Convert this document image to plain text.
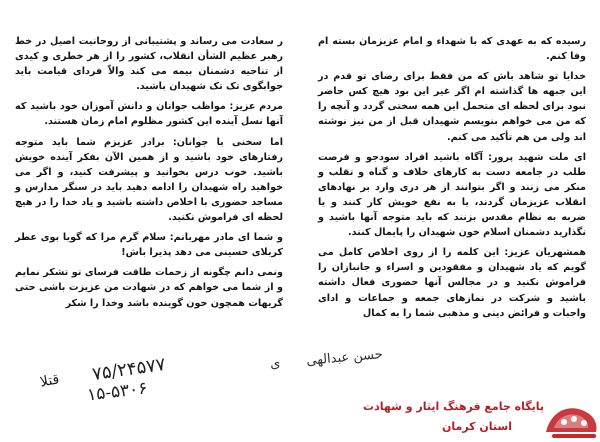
رسیده که به عهدی که با شهداء و امام عزیزمان بسته ام وفا کنم.

خدایا تو شاهد باش که من فقط برای رضای تو قدم در این جبهه ها گذاشته ام اگر غیر این بود هیچ کس حاضر نبود برای لحظه ای متحمل این همه سختی گردد و آنچه را که من می خواهم بنویسم شهیدان قبل از من نیز نوشته اند ولی من هم تأکید می کنم.

ای ملت شهید پرور: آگاه باشید افراد سودجو و فرصت طلب در جامعه دست به کارهای خلاف و گناه و تقلب و منکر می زنند و اگر بتوانند از هر دری وارد بر نهادهای انقلاب عزیزمان گردند، یا به نفع خویش کار کنند و یا ضربه به نظام مقدس بزنند که باید متوجه آنها باشید و نگذارید دشمنان اسلام خون شهیدان را پایمال کنند.

همشهریان عزیز: این کلمه را از روی اخلاص کامل می گویم که یاد شهیدان و مفقودین و اسراء و جانبازان را فراموش نکنید و در مجالس آنها حضوری فعال داشته باشید و شرکت در نمازهای جمعه و جماعات و ادای واجبات و فرائض دینی و مذهبی شما را به کمال

ر سعادت می رساند و پشتیبانی از روحانیت اصیل در خط رهبر عظیم الشأن انقلاب، کشور را از هر خطری و کیدی از تناحیه دشمنان بیمه می کند والاّ فردای قیامت باید جوابگوی تک تک شهیدان باشید.

مردم عزیز: مواظب جوانان و دانش آموزان خود باشید که آنها نسل آینده این کشور مظلوم امام زمان هستند.

اما سخنی با جوانان: برادر عزیزم شما باید متوجه رفتارهای خود باشید و از همین الآن بفکر آینده خویش باشید. خوب درس بخوانید و پیشرفت کنید، و اگر می خواهید راه شهیدان را ادامه دهید باید در سنگر مدارس و مساجد حضوری با اخلاص داشته باشید و یاد خدا را در هیچ لحظه ای فراموش نکنید.

و شما ای مادر مهربانم: سلام گرم مرا که گویا بوی عطر کربلای حسینی می دهد پذیرا باش!

ونمی دانم چگونه از زحمات طاقت فرسای تو تشکر نمایم و از شما می خواهم که در شهادت من عزیزت باشی حتی گریهات همچون خون گوینده باشد وخدا را شکر

حسن عبدالهی ی
۷۵/۲۴۵۷۷
۱۵-۵۳۰۶
قتلا
پایگاه جامع فرهنگ ایثار و شهادت
استان کرمان
